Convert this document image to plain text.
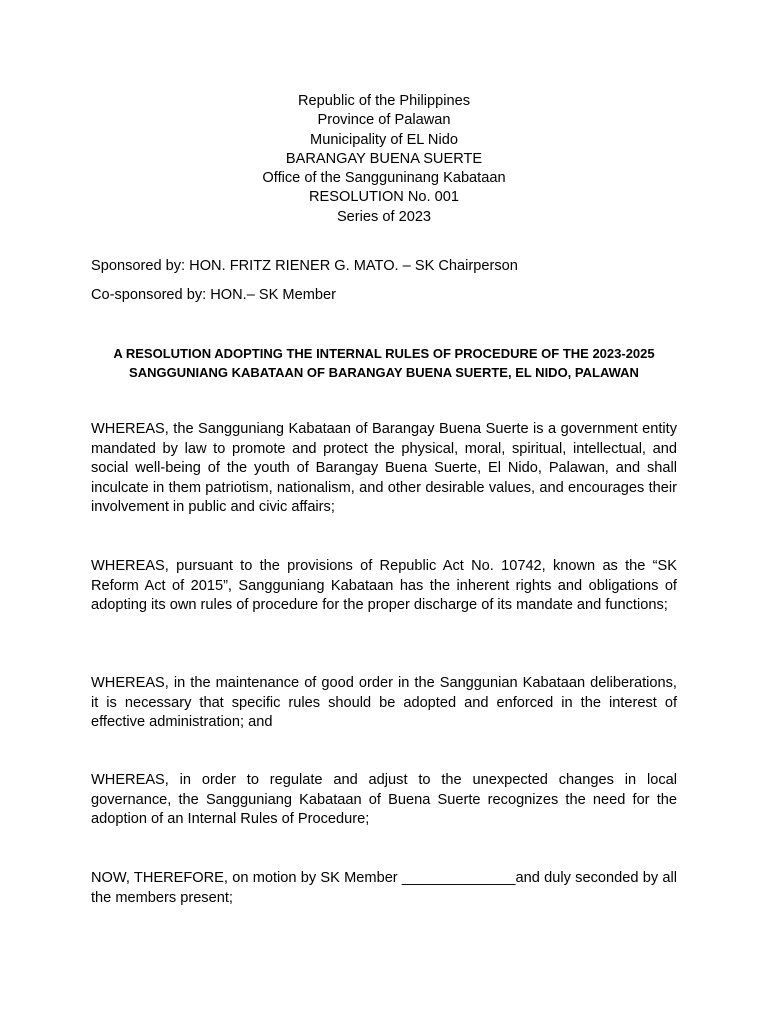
Republic of the Philippines
Province of Palawan
Municipality of EL Nido
BARANGAY BUENA SUERTE
Office of the Sangguninang Kabataan
RESOLUTION No. 001
Series of 2023
Sponsored by: HON. FRITZ RIENER G. MATO. – SK Chairperson
Co-sponsored by: HON.– SK Member
A RESOLUTION ADOPTING THE INTERNAL RULES OF PROCEDURE OF THE 2023-2025
SANGGUNIANG KABATAAN OF BARANGAY BUENA SUERTE, EL NIDO, PALAWAN

WHEREAS, the Sangguniang Kabataan of Barangay Buena Suerte is a government entity mandated by law to promote and protect the physical, moral, spiritual, intellectual, and social well-being of the youth of Barangay Buena Suerte, El Nido, Palawan, and shall inculcate in them patriotism, nationalism, and other desirable values, and encourages their involvement in public and civic affairs;

WHEREAS, pursuant to the provisions of Republic Act No. 10742, known as the “SK Reform Act of 2015”, Sangguniang Kabataan has the inherent rights and obligations of adopting its own rules of procedure for the proper discharge of its mandate and functions;

WHEREAS, in the maintenance of good order in the Sanggunian Kabataan deliberations, it is necessary that specific rules should be adopted and enforced in the interest of effective administration; and

WHEREAS, in order to regulate and adjust to the unexpected changes in local governance, the Sangguniang Kabataan of Buena Suerte recognizes the need for the adoption of an Internal Rules of Procedure;

NOW, THEREFORE, on motion by SK Member ______________and duly seconded by all the members present;
